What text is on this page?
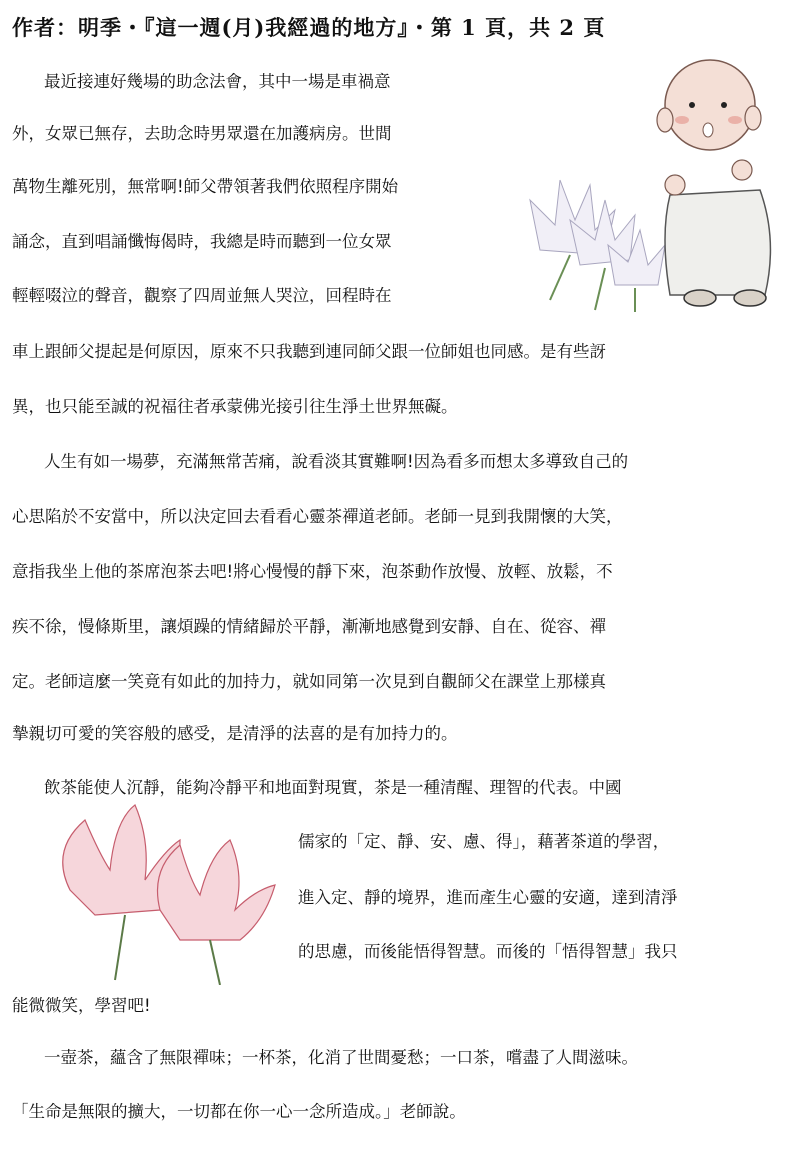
作者：明季・『這一週(月)我經過的地方』・第 1 頁，共 2 頁
最近接連好幾場的助念法會，其中一場是車禍意
外，女眾已無存，去助念時男眾還在加護病房。世間
萬物生離死別，無常啊!師父帶領著我們依照程序開始
誦念，直到唱誦懺悔偈時，我總是時而聽到一位女眾
輕輕啜泣的聲音，觀察了四周並無人哭泣，回程時在
車上跟師父提起是何原因，原來不只我聽到連同師父跟一位師姐也同感。是有些訝
異，也只能至誠的祝福往者承蒙佛光接引往生淨土世界無礙。
人生有如一場夢，充滿無常苦痛，說看淡其實難啊!因為看多而想太多導致自己的
心思陷於不安當中，所以決定回去看看心靈茶禪道老師。老師一見到我開懷的大笑，
意指我坐上他的茶席泡茶去吧!將心慢慢的靜下來，泡茶動作放慢、放輕、放鬆，不
疾不徐，慢條斯里，讓煩躁的情緒歸於平靜，漸漸地感覺到安靜、自在、從容、禪
定。老師這麼一笑竟有如此的加持力，就如同第一次見到自觀師父在課堂上那樣真
摯親切可愛的笑容般的感受，是清淨的法喜的是有加持力的。
飲茶能使人沉靜，能夠冷靜平和地面對現實，茶是一種清醒、理智的代表。中國
儒家的「定、靜、安、慮、得」，藉著茶道的學習，
進入定、靜的境界，進而產生心靈的安適，達到清淨
的思慮，而後能悟得智慧。而後的「悟得智慧」我只
能微微笑，學習吧!
一壺茶，蘊含了無限禪味；一杯茶，化消了世間憂愁；一口茶，嚐盡了人間滋味。
「生命是無限的擴大，一切都在你一心一念所造成。」老師說。
